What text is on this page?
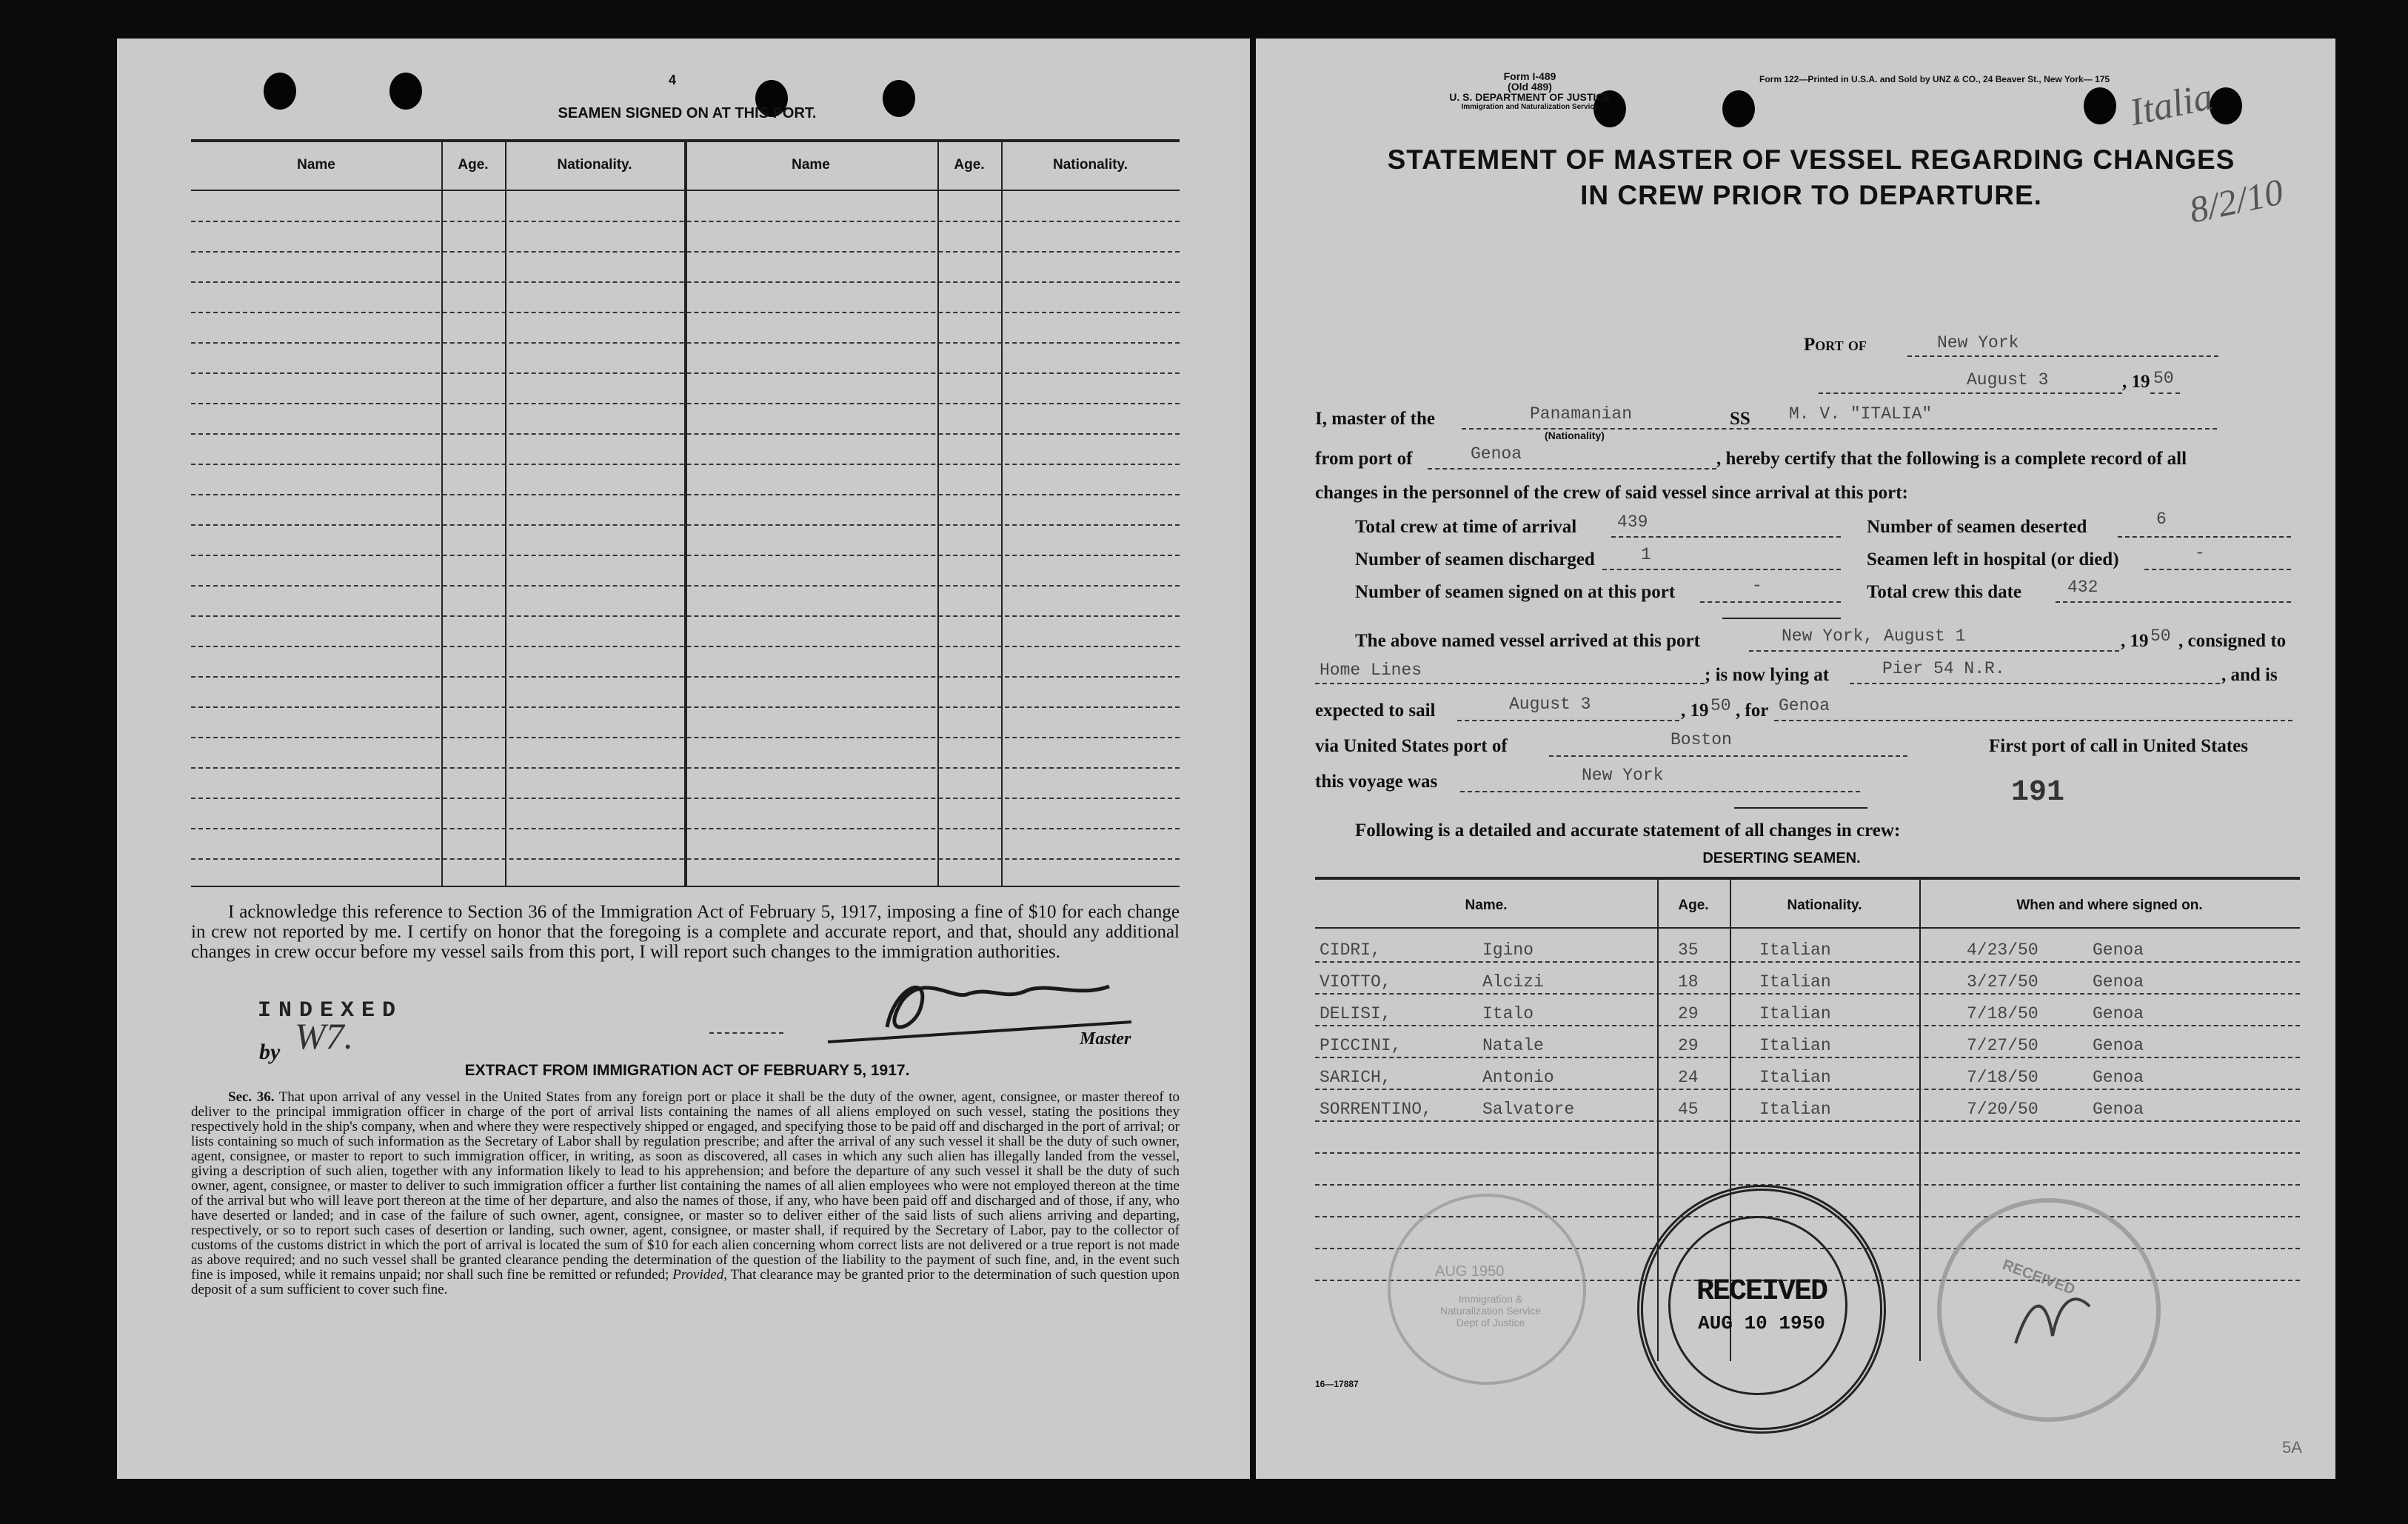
4
SEAMEN SIGNED ON AT THIS PORT.
Name	Age.	Nationality.	Name	Age.	Nationality.
I acknowledge this reference to Section 36 of the Immigration Act of February 5, 1917, imposing a fine of $10 for each change in crew not reported by me. I certify on honor that the foregoing is a complete and accurate report, and that, should any additional changes in crew occur before my vessel sails from this port, I will report such changes to the immigration authorities.
INDEXED
by W7.	Master
EXTRACT FROM IMMIGRATION ACT OF FEBRUARY 5, 1917.
Sec. 36. That upon arrival of any vessel in the United States from any foreign port or place it shall be the duty of the owner, agent, consignee, or master thereof to deliver to the principal immigration officer in charge of the port of arrival lists containing the names of all aliens employed on such vessel, stating the positions they respectively hold in the ship's company, when and where they were respectively shipped or engaged, and specifying those to be paid off and discharged in the port of arrival; or lists containing so much of such information as the Secretary of Labor shall by regulation prescribe; and after the arrival of any such vessel it shall be the duty of such owner, agent, consignee, or master to report to such immigration officer, in writing, as soon as discovered, all cases in which any such alien has illegally landed from the vessel, giving a description of such alien, together with any information likely to lead to his apprehension; and before the departure of any such vessel it shall be the duty of such owner, agent, consignee, or master to deliver to such immigration officer a further list containing the names of all alien employees who were not employed thereon at the time of the arrival but who will leave port thereon at the time of her departure, and also the names of those, if any, who have been paid off and discharged and of those, if any, who have deserted or landed; and in case of the failure of such owner, agent, consignee, or master so to deliver either of the said lists of such aliens arriving and departing, respectively, or so to report such cases of desertion or landing, such owner, agent, consignee, or master shall, if required by the Secretary of Labor, pay to the collector of customs of the customs district in which the port of arrival is located the sum of $10 for each alien concerning whom correct lists are not delivered or a true report is not made as above required; and no such vessel shall be granted clearance pending the determination of the question of the liability to the payment of such fine, and, in the event such fine is imposed, while it remains unpaid; nor shall such fine be remitted or refunded; Provided, That clearance may be granted prior to the determination of such question upon deposit of a sum sufficient to cover such fine.
Form I-489
(Old 489)
U. S. DEPARTMENT OF JUSTICE
Immigration and Naturalization Service
Form 122—Printed in U.S.A. and Sold by UNZ & CO., 24 Beaver St., New York— 175 Italia
8/2/10
STATEMENT OF MASTER OF VESSEL REGARDING CHANGES
IN CREW PRIOR TO DEPARTURE.
Port of	New York
August 3	, 19 50
I, master of the	Panamanian
(Nationality)
SS M. V. "ITALIA"
from port of	Genoa	, hereby certify that the following is a complete record of all
changes in the personnel of the crew of said vessel since arrival at this port:
Total crew at time of arrival 439	Number of seamen deserted	6
Number of seamen discharged	1	Seamen left in hospital (or died)	-
Number of seamen signed on at this port	-	Total crew this date	432
The above named vessel arrived at this port	New York, August 1	, 19 50 , consigned to
Home Lines	; is now lying at	Pier 54 N.R.	, and is
expected to sail	August 3	, 19 50 , for Genoa
via United States port of	Boston	First port of call in United States
this voyage was	New York
191
Following is a detailed and accurate statement of all changes in crew:
DESERTING SEAMEN.
Name.	Age.	Nationality.	When and where signed on.
CIDRI,	Igino	35	Italian	4/23/50	Genoa
VIOTTO,	Alcizi	18	Italian	3/27/50	Genoa
DELISI,	Italo	29	Italian	7/18/50	Genoa
PICCINI,	Natale	29	Italian	7/27/50	Genoa
SARICH,	Antonio	24	Italian	7/18/50	Genoa
SORRENTINO,	Salvatore	45	Italian	7/20/50	Genoa
AUG 1950
Immigration & Naturalization Service Dept of Justice
RECEIVED
AUG 10 1950
RECEIVED
16—17887
5A
